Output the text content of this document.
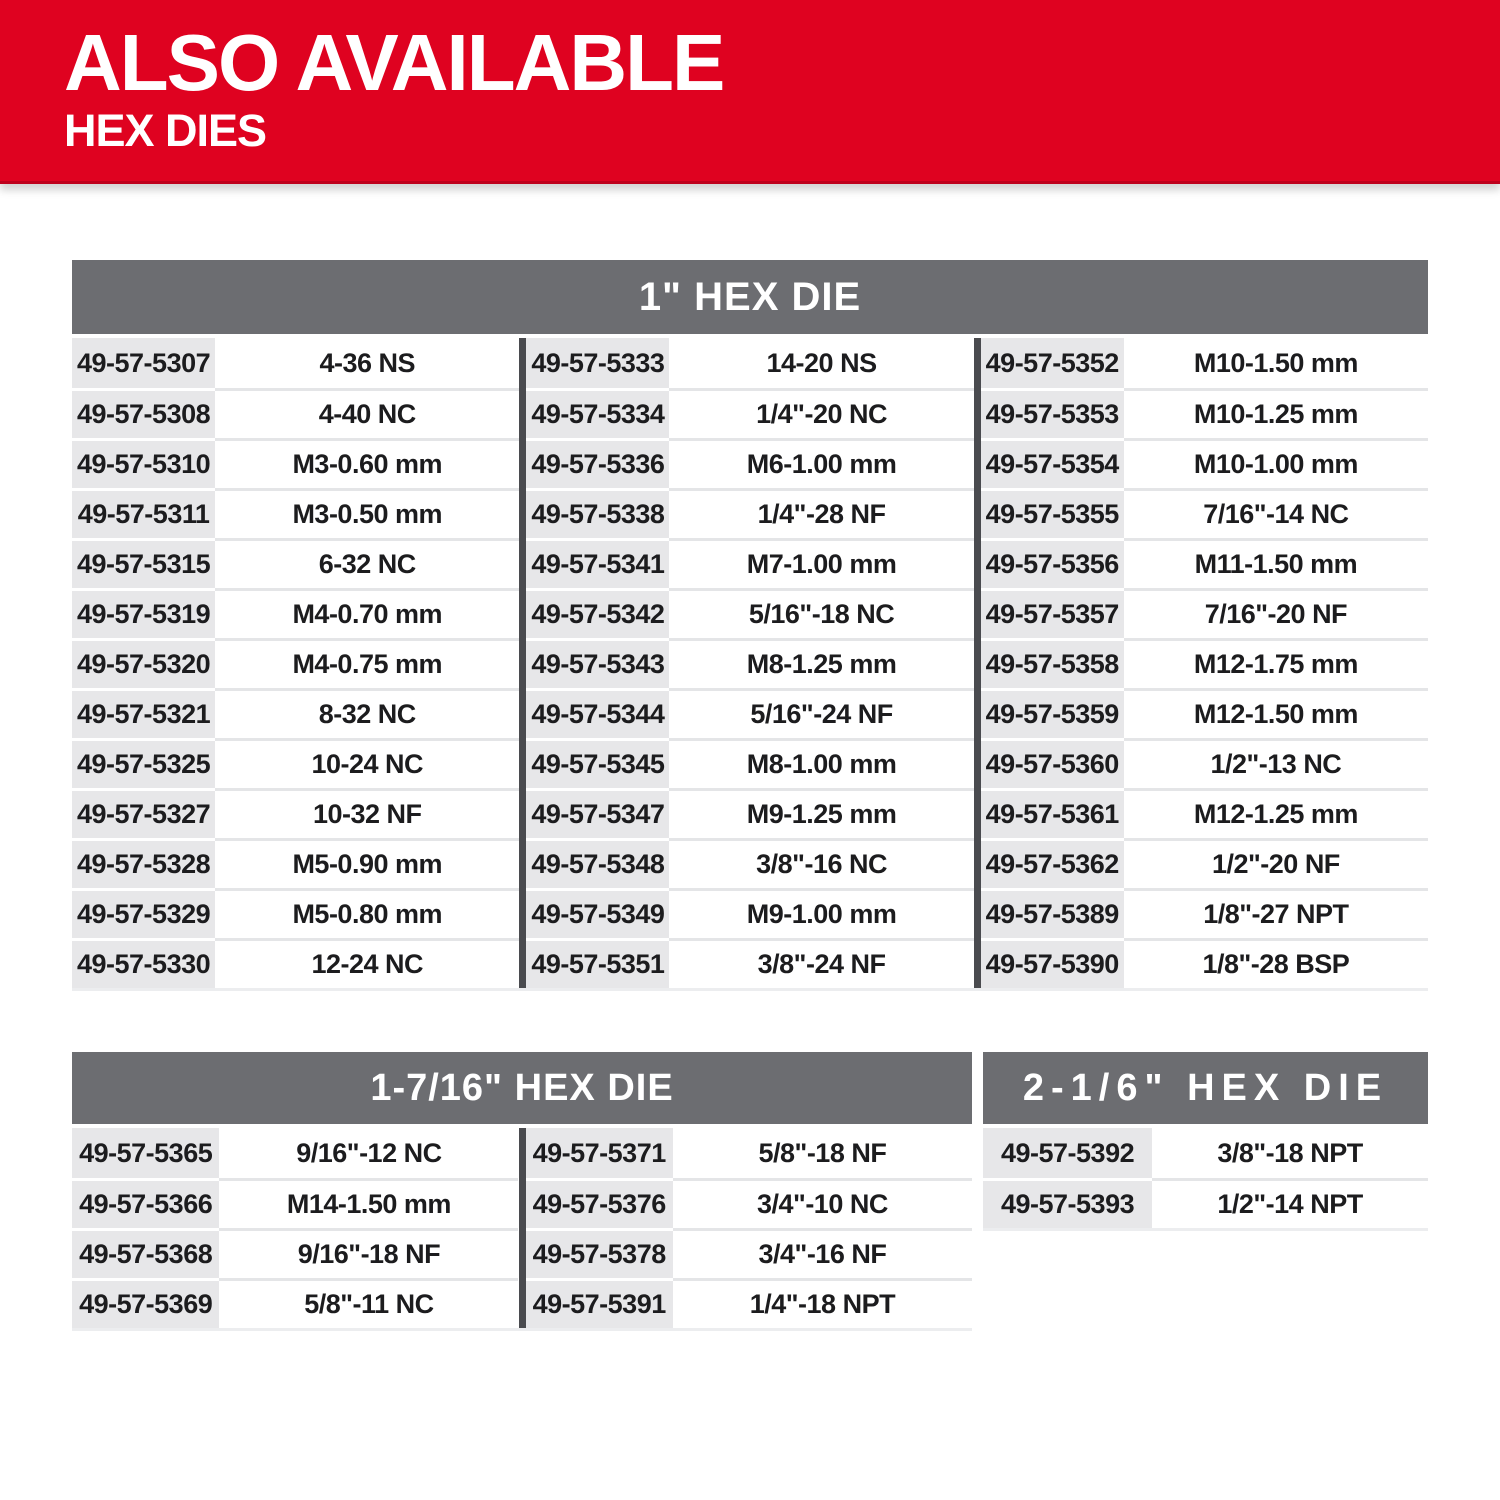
ALSO AVAILABLE
HEX DIES
1" HEX DIE
49-57-5307	4-36 NS
49-57-5308	4-40 NC
49-57-5310	M3-0.60 mm
49-57-5311	M3-0.50 mm
49-57-5315	6-32 NC
49-57-5319	M4-0.70 mm
49-57-5320	M4-0.75 mm
49-57-5321	8-32 NC
49-57-5325	10-24 NC
49-57-5327	10-32 NF
49-57-5328	M5-0.90 mm
49-57-5329	M5-0.80 mm
49-57-5330	12-24 NC
49-57-5333	14-20 NS
49-57-5334	1/4"-20 NC
49-57-5336	M6-1.00 mm
49-57-5338	1/4"-28 NF
49-57-5341	M7-1.00 mm
49-57-5342	5/16"-18 NC
49-57-5343	M8-1.25 mm
49-57-5344	5/16"-24 NF
49-57-5345	M8-1.00 mm
49-57-5347	M9-1.25 mm
49-57-5348	3/8"-16 NC
49-57-5349	M9-1.00 mm
49-57-5351	3/8"-24 NF
49-57-5352	M10-1.50 mm
49-57-5353	M10-1.25 mm
49-57-5354	M10-1.00 mm
49-57-5355	7/16"-14 NC
49-57-5356	M11-1.50 mm
49-57-5357	7/16"-20 NF
49-57-5358	M12-1.75 mm
49-57-5359	M12-1.50 mm
49-57-5360	1/2"-13 NC
49-57-5361	M12-1.25 mm
49-57-5362	1/2"-20 NF
49-57-5389	1/8"-27 NPT
49-57-5390	1/8"-28 BSP
1-7/16" HEX DIE
49-57-5365	9/16"-12 NC
49-57-5366	M14-1.50 mm
49-57-5368	9/16"-18 NF
49-57-5369	5/8"-11 NC
49-57-5371	5/8"-18 NF
49-57-5376	3/4"-10 NC
49-57-5378	3/4"-16 NF
49-57-5391	1/4"-18 NPT
2-1/6" HEX DIE
49-57-5392	3/8"-18 NPT
49-57-5393	1/2"-14 NPT
